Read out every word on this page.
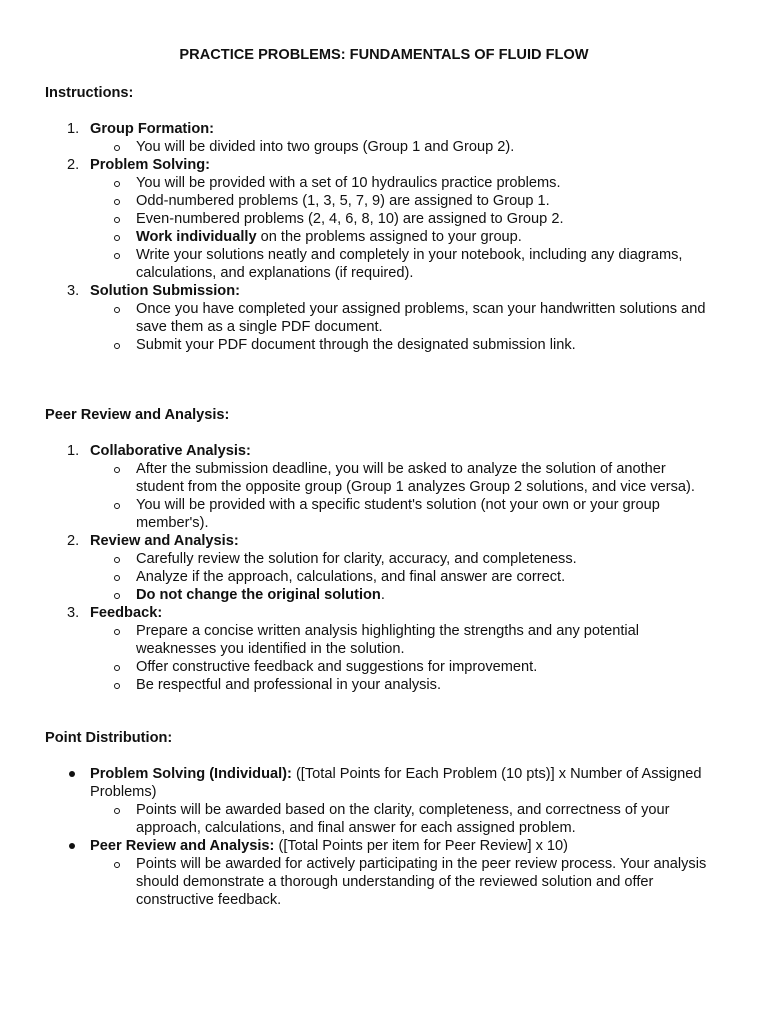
PRACTICE PROBLEMS: FUNDAMENTALS OF FLUID FLOW
Instructions:
1. Group Formation:
You will be divided into two groups (Group 1 and Group 2).
2. Problem Solving:
You will be provided with a set of 10 hydraulics practice problems.
Odd-numbered problems (1, 3, 5, 7, 9) are assigned to Group 1.
Even-numbered problems (2, 4, 6, 8, 10) are assigned to Group 2.
Work individually on the problems assigned to your group.
Write your solutions neatly and completely in your notebook, including any diagrams, calculations, and explanations (if required).
3. Solution Submission:
Once you have completed your assigned problems, scan your handwritten solutions and save them as a single PDF document.
Submit your PDF document through the designated submission link.
Peer Review and Analysis:
1. Collaborative Analysis:
After the submission deadline, you will be asked to analyze the solution of another student from the opposite group (Group 1 analyzes Group 2 solutions, and vice versa).
You will be provided with a specific student's solution (not your own or your group member's).
2. Review and Analysis:
Carefully review the solution for clarity, accuracy, and completeness.
Analyze if the approach, calculations, and final answer are correct.
Do not change the original solution.
3. Feedback:
Prepare a concise written analysis highlighting the strengths and any potential weaknesses you identified in the solution.
Offer constructive feedback and suggestions for improvement.
Be respectful and professional in your analysis.
Point Distribution:
Problem Solving (Individual): ([Total Points for Each Problem (10 pts)] x Number of Assigned Problems)
Points will be awarded based on the clarity, completeness, and correctness of your approach, calculations, and final answer for each assigned problem.
Peer Review and Analysis: ([Total Points per item for Peer Review] x 10)
Points will be awarded for actively participating in the peer review process. Your analysis should demonstrate a thorough understanding of the reviewed solution and offer constructive feedback.
